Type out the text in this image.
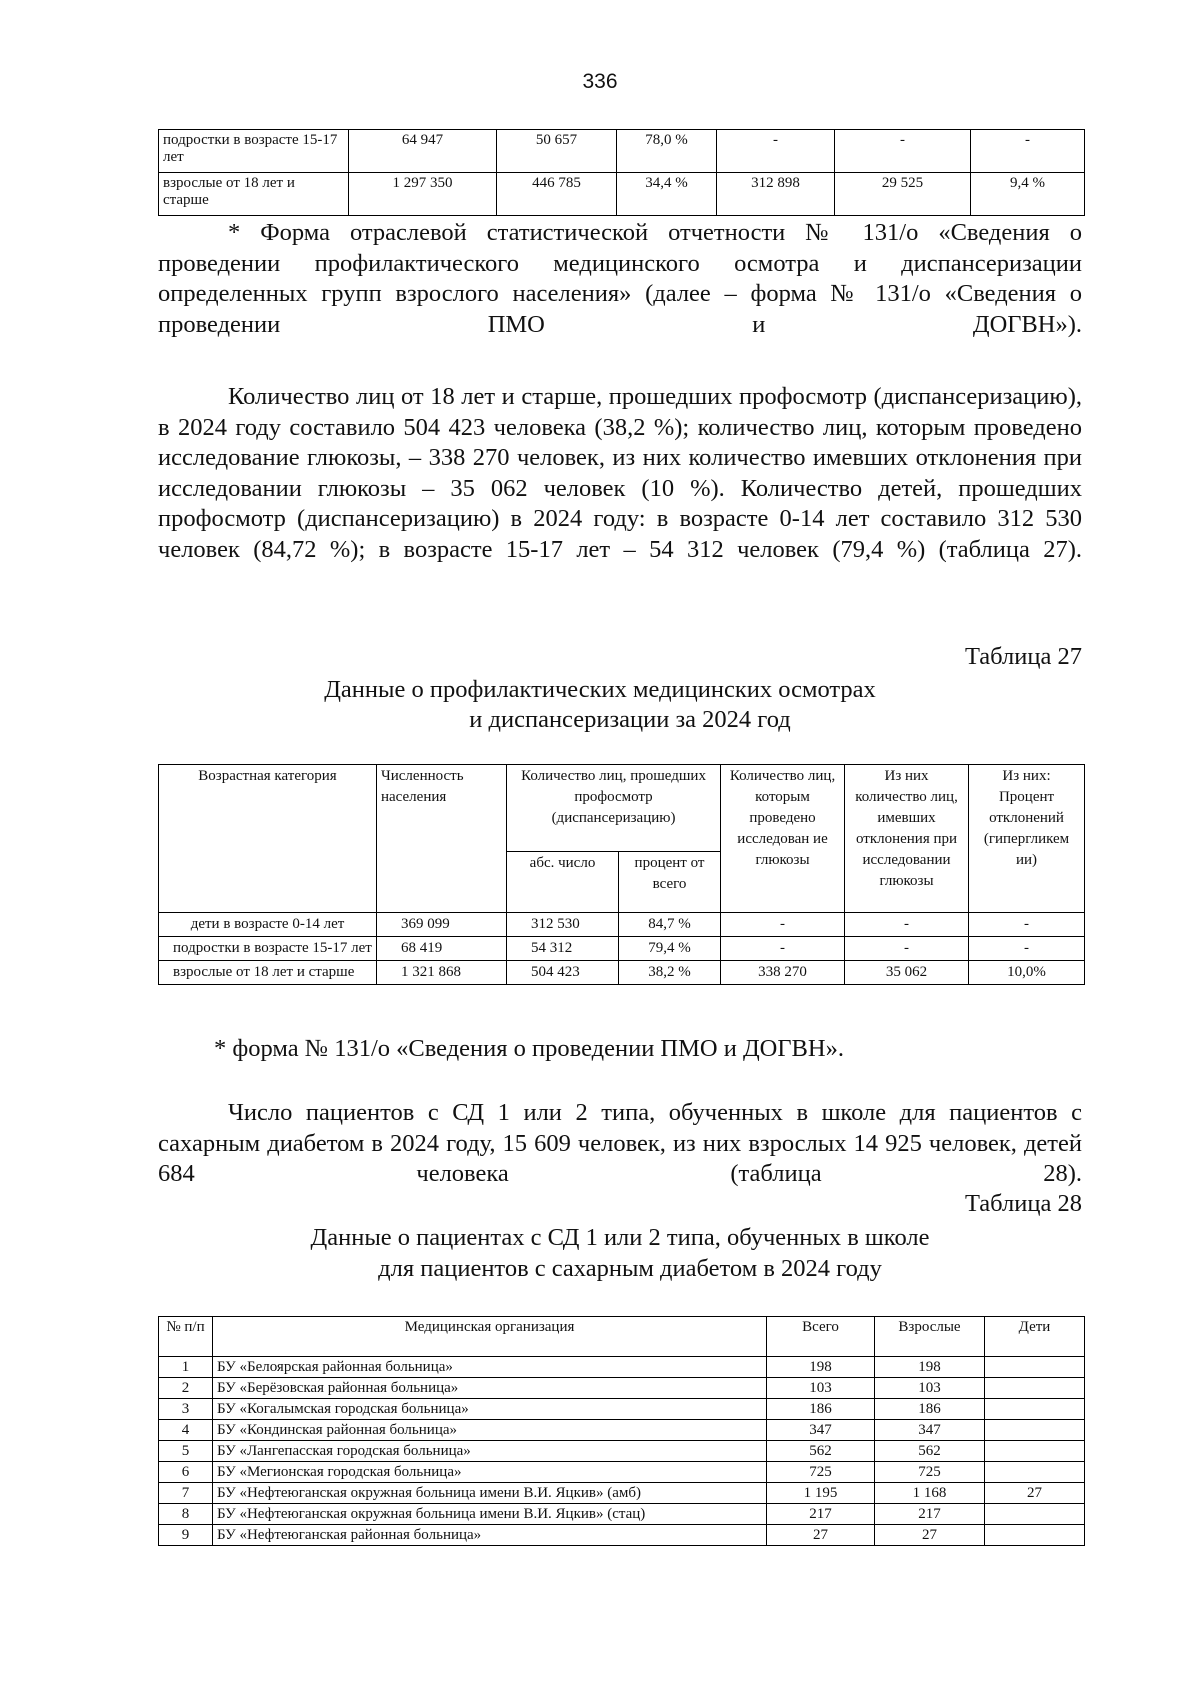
336
подростки в возрасте 15-17 лет	64 947	50 657	78,0 %	-	-	-
взрослые от 18 лет и старше	1 297 350	446 785	34,4 %	312 898	29 525	9,4 %
* Форма отраслевой статистической отчетности № 131/о «Сведения о проведении профилактического медицинского осмотра и диспансеризации определенных групп взрослого населения» (далее – форма № 131/о «Сведения о проведении ПМО и ДОГВН»).
Количество лиц от 18 лет и старше, прошедших профосмотр (диспансеризацию), в 2024 году составило 504 423 человека (38,2 %); количество лиц, которым проведено исследование глюкозы, – 338 270 человек, из них количество имевших отклонения при исследовании глюкозы – 35 062 человек (10 %). Количество детей, прошедших профосмотр (диспансеризацию) в 2024 году: в возрасте 0-14 лет составило 312 530 человек (84,72 %); в возрасте 15-17 лет – 54 312 человек (79,4 %) (таблица 27).
Таблица 27
Данные о профилактических медицинских осмотрах
и диспансеризации за 2024 год
Возрастная категория	Численность населения	Количество лиц, прошедших профосмотр (диспансеризацию)		Количество лиц, которым проведено исследован ие глюкозы	Из них количество лиц, имевших отклонения при исследовании глюкозы	Из них: Процент отклонений (гипергликем ии)
		абс. число	процент от всего			
дети в возрасте 0-14 лет	369 099	312 530	84,7 %	-	-	-
подростки в возрасте 15-17 лет	68 419	54 312	79,4 %	-	-	-
взрослые от 18 лет и старше	1 321 868	504 423	38,2 %	338 270	35 062	10,0%
* форма № 131/о «Сведения о проведении ПМО и ДОГВН».
Число пациентов с СД 1 или 2 типа, обученных в школе для пациентов с сахарным диабетом в 2024 году, 15 609 человек, из них взрослых 14 925 человек, детей 684 человека (таблица 28).
Таблица 28
Данные о пациентах с СД 1 или 2 типа, обученных в школе
для пациентов с сахарным диабетом в 2024 году
№ п/п	Медицинская организация	Всего	Взрослые	Дети
1	БУ «Белоярская районная больница»	198	198	
2	БУ «Берёзовская районная больница»	103	103	
3	БУ «Когалымская городская больница»	186	186	
4	БУ «Кондинская районная больница»	347	347	
5	БУ «Лангепасская городская больница»	562	562	
6	БУ «Мегионская городская больница»	725	725	
7	БУ «Нефтеюганская окружная больница имени В.И. Яцкив» (амб)	1 195	1 168	27
8	БУ «Нефтеюганская окружная больница имени В.И. Яцкив» (стац)	217	217	
9	БУ «Нефтеюганская районная больница»	27	27	
